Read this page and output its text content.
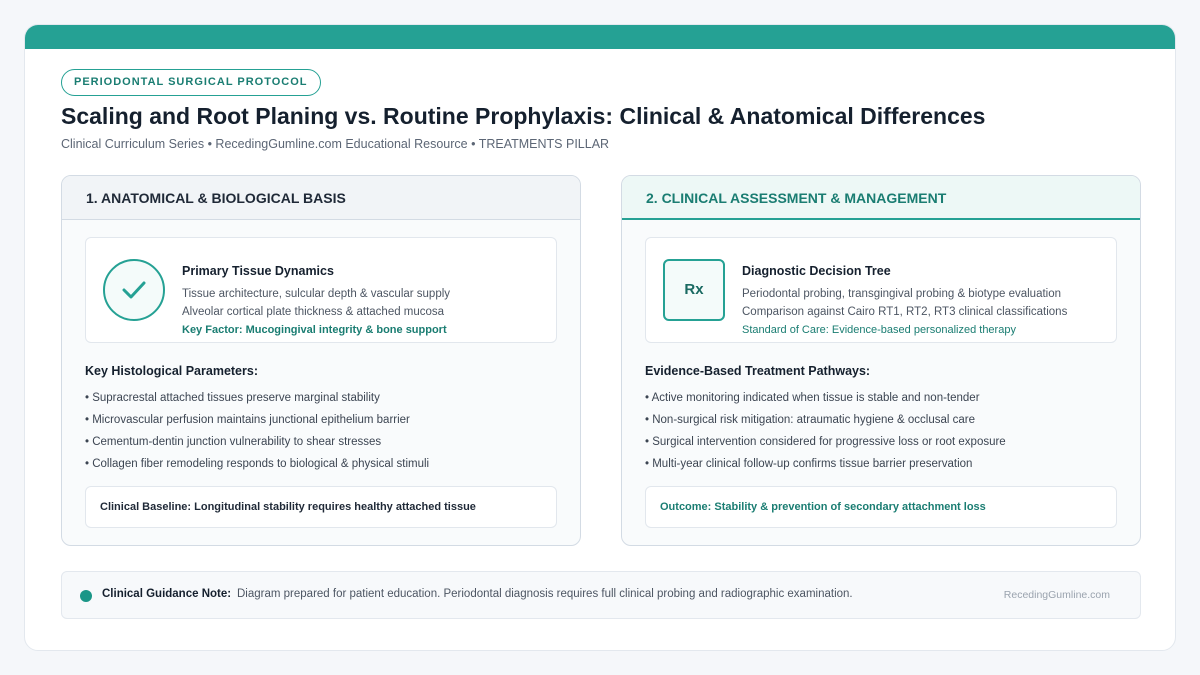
PERIODONTAL SURGICAL PROTOCOL
Scaling and Root Planing vs. Routine Prophylaxis: Clinical & Anatomical Differences
Clinical Curriculum Series • RecedingGumline.com Educational Resource • TREATMENTS PILLAR
1. ANATOMICAL & BIOLOGICAL BASIS
Primary Tissue Dynamics
Tissue architecture, sulcular depth & vascular supply
Alveolar cortical plate thickness & attached mucosa
Key Factor: Mucogingival integrity & bone support
Key Histological Parameters:
• Supracrestal attached tissues preserve marginal stability
• Microvascular perfusion maintains junctional epithelium barrier
• Cementum-dentin junction vulnerability to shear stresses
• Collagen fiber remodeling responds to biological & physical stimuli
Clinical Baseline: Longitudinal stability requires healthy attached tissue
2. CLINICAL ASSESSMENT & MANAGEMENT
Rx
Diagnostic Decision Tree
Periodontal probing, transgingival probing & biotype evaluation
Comparison against Cairo RT1, RT2, RT3 clinical classifications
Standard of Care: Evidence-based personalized therapy
Evidence-Based Treatment Pathways:
• Active monitoring indicated when tissue is stable and non-tender
• Non-surgical risk mitigation: atraumatic hygiene & occlusal care
• Surgical intervention considered for progressive loss or root exposure
• Multi-year clinical follow-up confirms tissue barrier preservation
Outcome: Stability & prevention of secondary attachment loss
Clinical Guidance Note: Diagram prepared for patient education. Periodontal diagnosis requires full clinical probing and radiographic examination.	RecedingGumline.com
